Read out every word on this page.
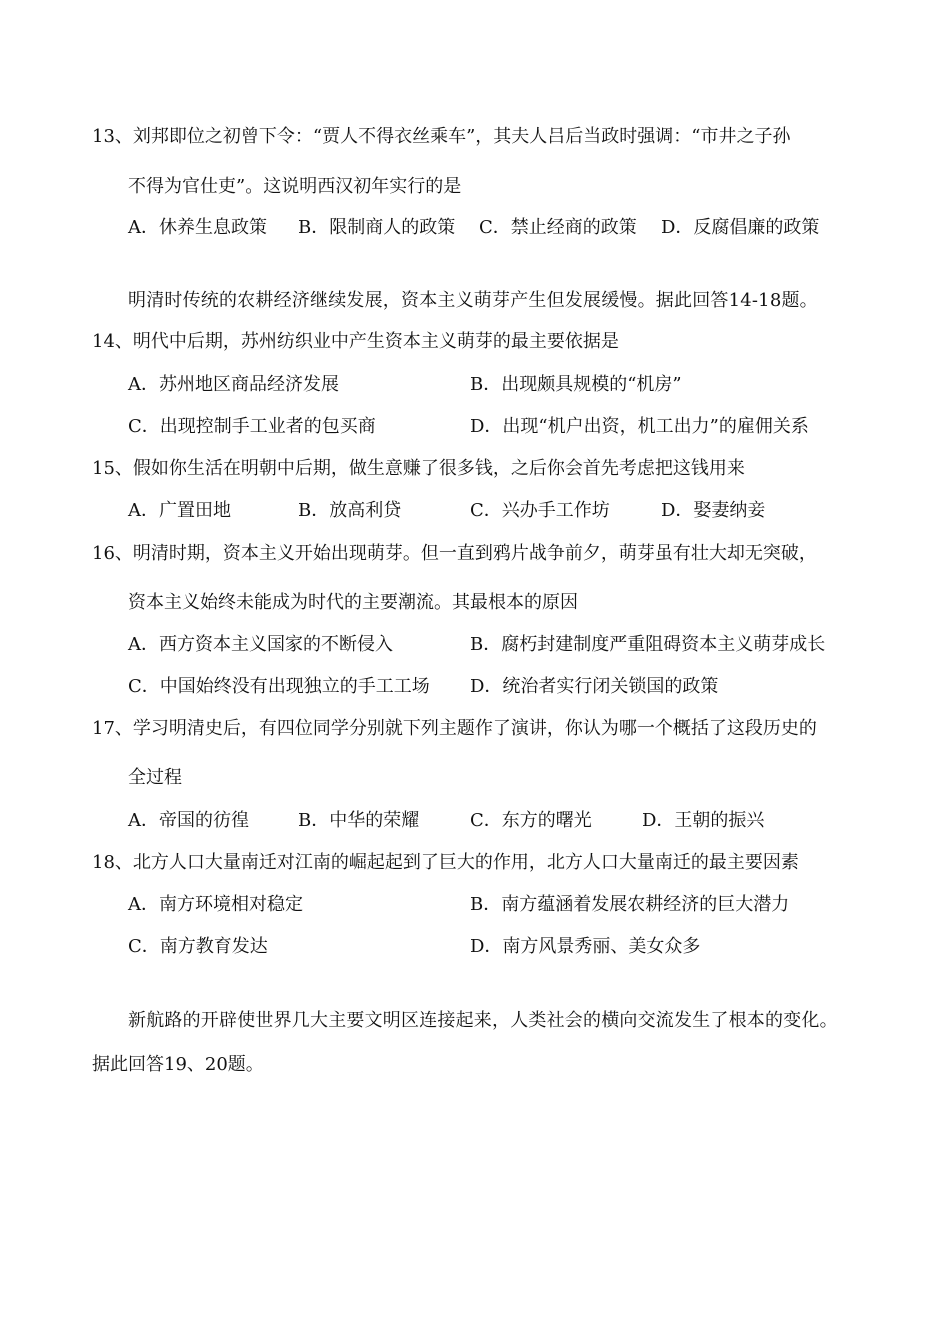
13、刘邦即位之初曾下令：“贾人不得衣丝乘车”，其夫人吕后当政时强调：“市井之子孙
不得为官仕吏”。这说明西汉初年实行的是
A．休养生息政策 B．限制商人的政策 C．禁止经商的政策 D．反腐倡廉的政策
明清时传统的农耕经济继续发展，资本主义萌芽产生但发展缓慢。据此回答14-18题。
14、明代中后期，苏州纺织业中产生资本主义萌芽的最主要依据是
A．苏州地区商品经济发展	B．出现颇具规模的“机房”
C．出现控制手工业者的包买商	D．出现“机户出资，机工出力”的雇佣关系
15、假如你生活在明朝中后期，做生意赚了很多钱，之后你会首先考虑把这钱用来
A．广置田地	B．放高利贷	C．兴办手工作坊	D．娶妻纳妾
16、明清时期，资本主义开始出现萌芽。但一直到鸦片战争前夕，萌芽虽有壮大却无突破，
资本主义始终未能成为时代的主要潮流。其最根本的原因
A．西方资本主义国家的不断侵入	B．腐朽封建制度严重阻碍资本主义萌芽成长
C．中国始终没有出现独立的手工工场 D．统治者实行闭关锁国的政策
17、学习明清史后，有四位同学分别就下列主题作了演讲，你认为哪一个概括了这段历史的
全过程
A．帝国的彷徨	B．中华的荣耀	C．东方的曙光	D．王朝的振兴
18、北方人口大量南迁对江南的崛起起到了巨大的作用，北方人口大量南迁的最主要因素
A．南方环境相对稳定	B．南方蕴涵着发展农耕经济的巨大潜力
C．南方教育发达	D．南方风景秀丽、美女众多
新航路的开辟使世界几大主要文明区连接起来，人类社会的横向交流发生了根本的变化。
据此回答19、20题。
